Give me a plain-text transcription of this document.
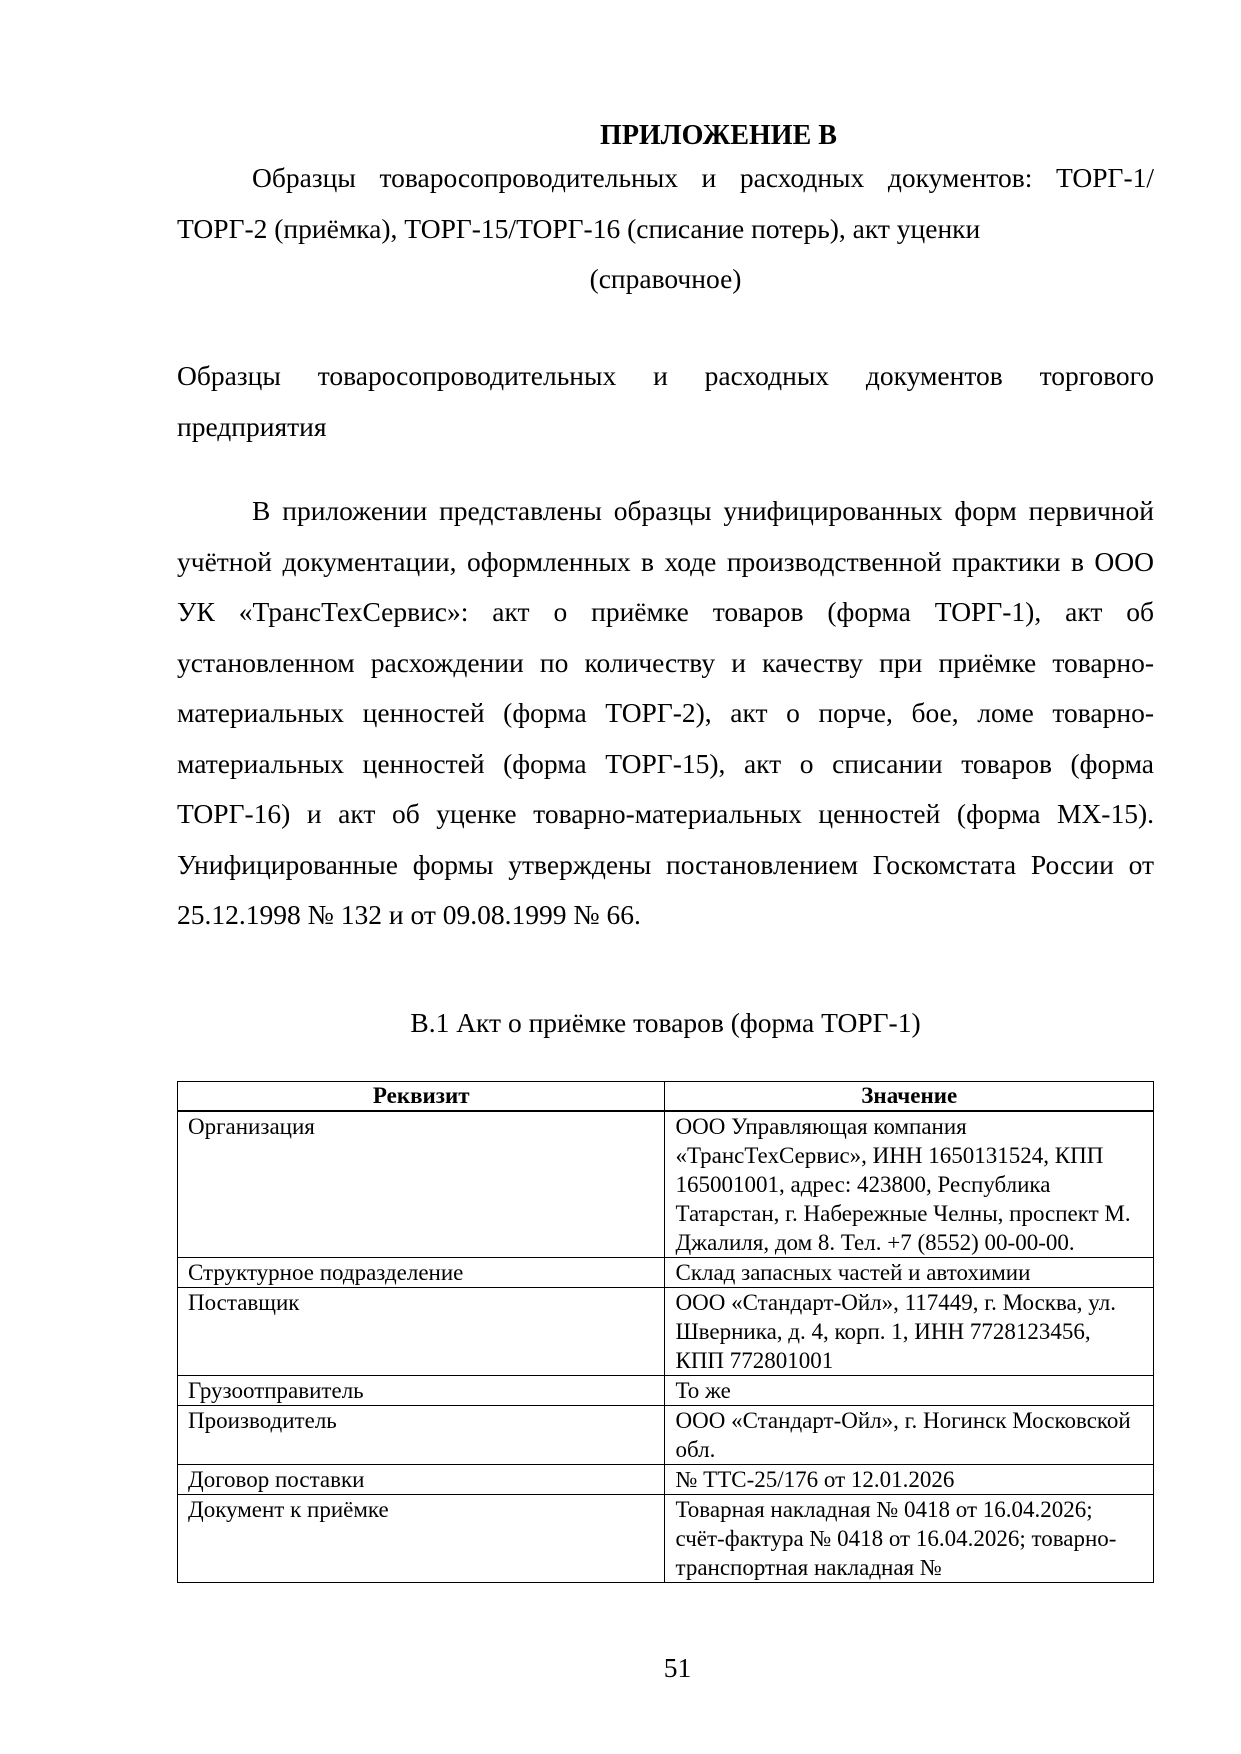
ПРИЛОЖЕНИЕ В

Образцы товаросопроводительных и расходных документов: ТОРГ-1/ТОРГ-2 (приёмка), ТОРГ-15/ТОРГ-16 (списание потерь), акт уценки

(справочное)

Образцы товаросопроводительных и расходных документов торгового предприятия

В приложении представлены образцы унифицированных форм первичной учётной документации, оформленных в ходе производственной практики в ООО УК «ТрансТехСервис»: акт о приёмке товаров (форма ТОРГ-1), акт об установленном расхождении по количеству и качеству при приёмке товарно-материальных ценностей (форма ТОРГ-2), акт о порче, бое, ломе товарно-материальных ценностей (форма ТОРГ-15), акт о списании товаров (форма ТОРГ-16) и акт об уценке товарно-материальных ценностей (форма МХ-15). Унифицированные формы утверждены постановлением Госкомстата России от 25.12.1998 № 132 и от 09.08.1999 № 66.

В.1 Акт о приёмке товаров (форма ТОРГ-1)

Реквизит	Значение
Организация	ООО Управляющая компания «ТрансТехСервис», ИНН 1650131524, КПП 165001001, адрес: 423800, Республика Татарстан, г. Набережные Челны, проспект М. Джалиля, дом 8. Тел. +7 (8552) 00-00-00.
Структурное подразделение	Склад запасных частей и автохимии
Поставщик	ООО «Стандарт-Ойл», 117449, г. Москва, ул. Шверника, д. 4, корп. 1, ИНН 7728123456, КПП 772801001
Грузоотправитель	То же
Производитель	ООО «Стандарт-Ойл», г. Ногинск Московской обл.
Договор поставки	№ ТТС-25/176 от 12.01.2026
Документ к приёмке	Товарная накладная № 0418 от 16.04.2026; счёт-фактура № 0418 от 16.04.2026; товарно-транспортная накладная №

51
